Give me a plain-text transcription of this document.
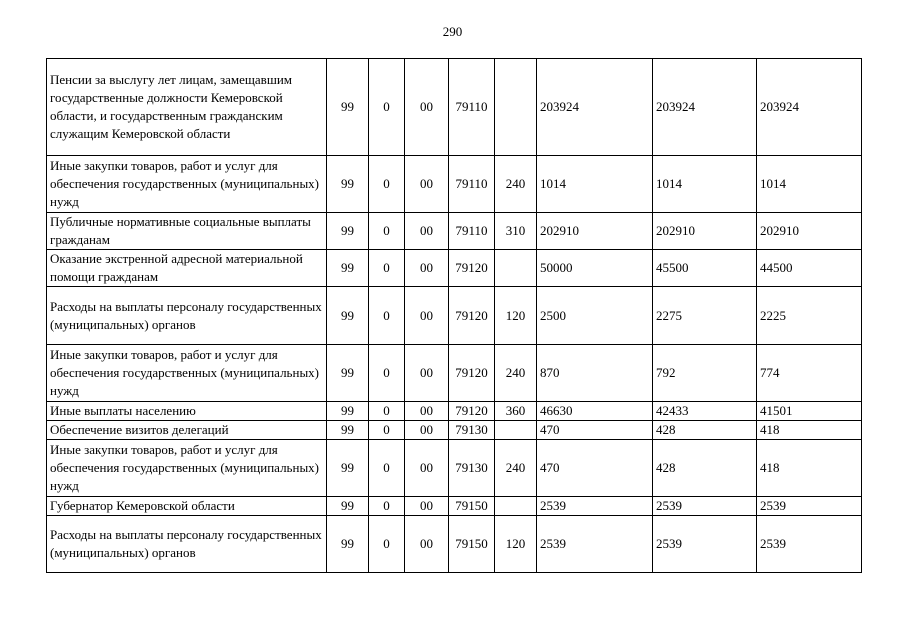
290
Пенсии за выслугу лет лицам, замещавшим государственные должности Кемеровской области, и государственным гражданским служащим Кемеровской области	99	0	00	79110		203924	203924	203924
Иные закупки товаров, работ и услуг для обеспечения государственных (муниципальных) нужд	99	0	00	79110	240	1014	1014	1014
Публичные нормативные социальные выплаты гражданам	99	0	00	79110	310	202910	202910	202910
Оказание экстренной адресной материальной помощи гражданам	99	0	00	79120		50000	45500	44500
Расходы на выплаты персоналу государственных (муниципальных) органов	99	0	00	79120	120	2500	2275	2225
Иные закупки товаров, работ и услуг для обеспечения государственных (муниципальных) нужд	99	0	00	79120	240	870	792	774
Иные выплаты населению	99	0	00	79120	360	46630	42433	41501
Обеспечение визитов делегаций	99	0	00	79130		470	428	418
Иные закупки товаров, работ и услуг для обеспечения государственных (муниципальных) нужд	99	0	00	79130	240	470	428	418
Губернатор Кемеровской области	99	0	00	79150		2539	2539	2539
Расходы на выплаты персоналу государственных (муниципальных) органов	99	0	00	79150	120	2539	2539	2539
